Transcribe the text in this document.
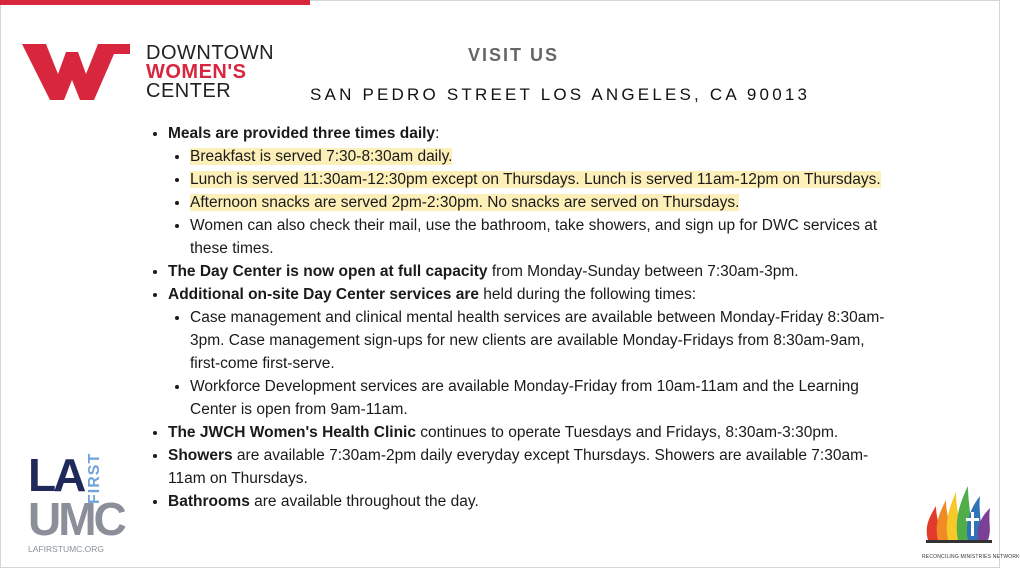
DOWNTOWN
WOMEN'S
CENTER
VISIT US
SAN PEDRO STREET LOS ANGELES, CA 90013
• Meals are provided three times daily:
• Breakfast is served 7:30-8:30am daily.
• Lunch is served 11:30am-12:30pm except on Thursdays. Lunch is served 11am-12pm on Thursdays.
• Afternoon snacks are served 2pm-2:30pm. No snacks are served on Thursdays.
• Women can also check their mail, use the bathroom, take showers, and sign up for DWC services at these times.
• The Day Center is now open at full capacity from Monday-Sunday between 7:30am-3pm.
• Additional on-site Day Center services are held during the following times:
• Case management and clinical mental health services are available between Monday-Friday 8:30am-3pm. Case management sign-ups for new clients are available Monday-Fridays from 8:30am-9am, first-come first-serve.
• Workforce Development services are available Monday-Friday from 10am-11am and the Learning Center is open from 9am-11am.
• The JWCH Women's Health Clinic continues to operate Tuesdays and Fridays, 8:30am-3:30pm.
• Showers are available 7:30am-2pm daily everyday except Thursdays. Showers are available 7:30am-11am on Thursdays.
• Bathrooms are available throughout the day.
LA FIRST
UMC
LAFIRSTUMC.ORG
RECONCILING MINISTRIES NETWORK
